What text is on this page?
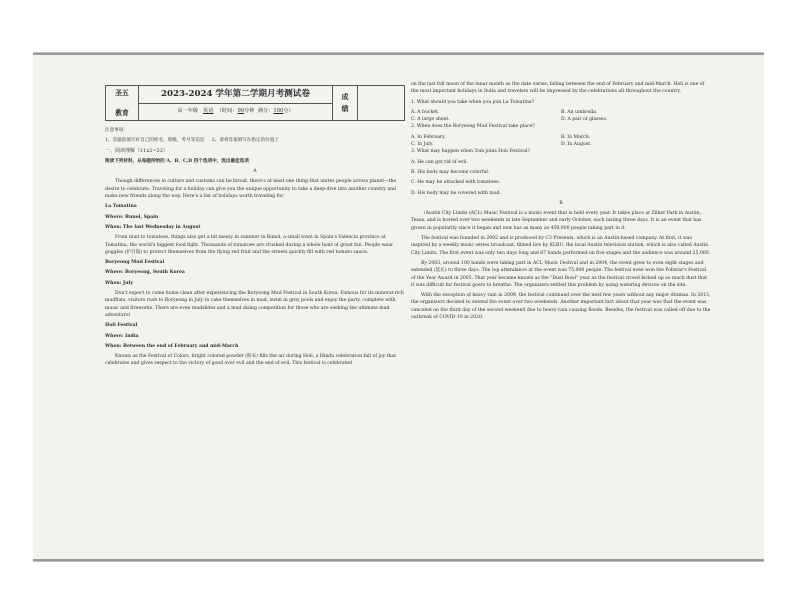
圣五

教育	2023-2024 学年第二学期月考测试卷	成
绩	
高一年级 英语 （时间：90分钟 满分：100分）

注意事项：

1、答题前填写好自己的姓名、班级、考号等信息 2、请将答案填写在指定的位置上

一、阅读理解（11x2=22）

阅读下列材料，从每题所给的 A、B、C,D 四个选项中，选出最佳选项

A

Though differences in culture and customs can be broad, there's at least one thing that unites people across planet—the desire to celebrate. Traveling for a holiday can give you the unique opportunity to take a deep-dive into another country and make new friends along the way. Here's a list of holidays worth traveling for.

La Tomatina

Where: Bunol, Spain

When: The last Wednesday in August

From mud to tomatoes, things also get a bit messy in summer in Bunol, a small town in Spain's Valencia province at Tomatina, the world's biggest food fight. Thousands of tomatoes are crushed during a whole hour of great fun. People wear goggles (护目镜) to protect themselves from the flying red fruit and the streets quickly fill with red tomato sauce.

Boryeong Mud Festival

Where: Boryeong, South Korea

When: July

Don't expect to come home clean after experiencing the Boryeong Mud Festival in South Korea. Famous for its mineral-rich mudflats, visitors rush to Boryeong in July to cake themselves in mud, swim in grey pools and enjoy the party, complete with music and fireworks. There are even mudslides and a mud skiing competition for those who are seeking the ultimate mud adventure!

Holi Festival

Where: India

When: Between the end of February and mid-March

Known as the Festival of Colors, bright colored powder (粉末) fills the air during Holi, a Hindu celebration full of joy that celebrates and gives respect to the victory of good over evil and the end of evil. This festival is celebrated

on the last full moon of the lunar month so the date varies, falling between the end of February and mid-March. Holi is one of the most important holidays in India and travelers will be impressed by the celebrations all throughout the country.

1. What should you take when you join La Tomatina?

A. A bucket.	B. An umbrella.
C. A large sheet.	D. A pair of glasses.

2. When does the Boryeong Mud Festival take place?

A. In February.	B. In March.
C. In July.	D. In August.

3. What may happen when Tom joins Holi Festival?

A. He can get rid of evil.

B. His body may become colorful.

C. He may be attacked with tomatoes.

D. His body may be covered with mud.

B

（Austin City Limits (ACL) Music Festival is a music event that is held every year. It takes place at Zilker Park in Austin, Texas, and is hosted over two weekends in late September and early October, each lasting three days. It is an event that has grown in popularity since it began and now has as many as 450,000 people taking part in it.

The festival was founded in 2002 and is produced by C3 Presents, which is an Austin-based company. At first, it was inspired by a weekly music series broadcast, filmed live by KLRU, the local Austin television station, which is also called Austin City Limits. The first event was only two days long and 67 bands performed on five stages and the audience was around 25,000.

By 2003, around 100 bands were taking part in ACL Music Festival and in 2004, the event grew to even eight stages and extended (延长) to three days. The top attendance at the event was 75,000 people. The festival even won the Pollstar's Festival of the Year Award in 2005. That year became known as the "Dust Bowl" year as the festival crowd kicked up so much dust that it was difficult for festival goers to breathe. The organizers settled this problem by using watering devices on the site.

With the exception of heavy rain in 2009, the festival continued over the next few years without any major dramas. In 2013, the organizers decided to extend the event over two weekends. Another important fact about that year was that the event was canceled on the third day of the second weekend due to heavy rain causing floods. Besides, the festival was called off due to the outbreak of COVID-19 in 2020.
